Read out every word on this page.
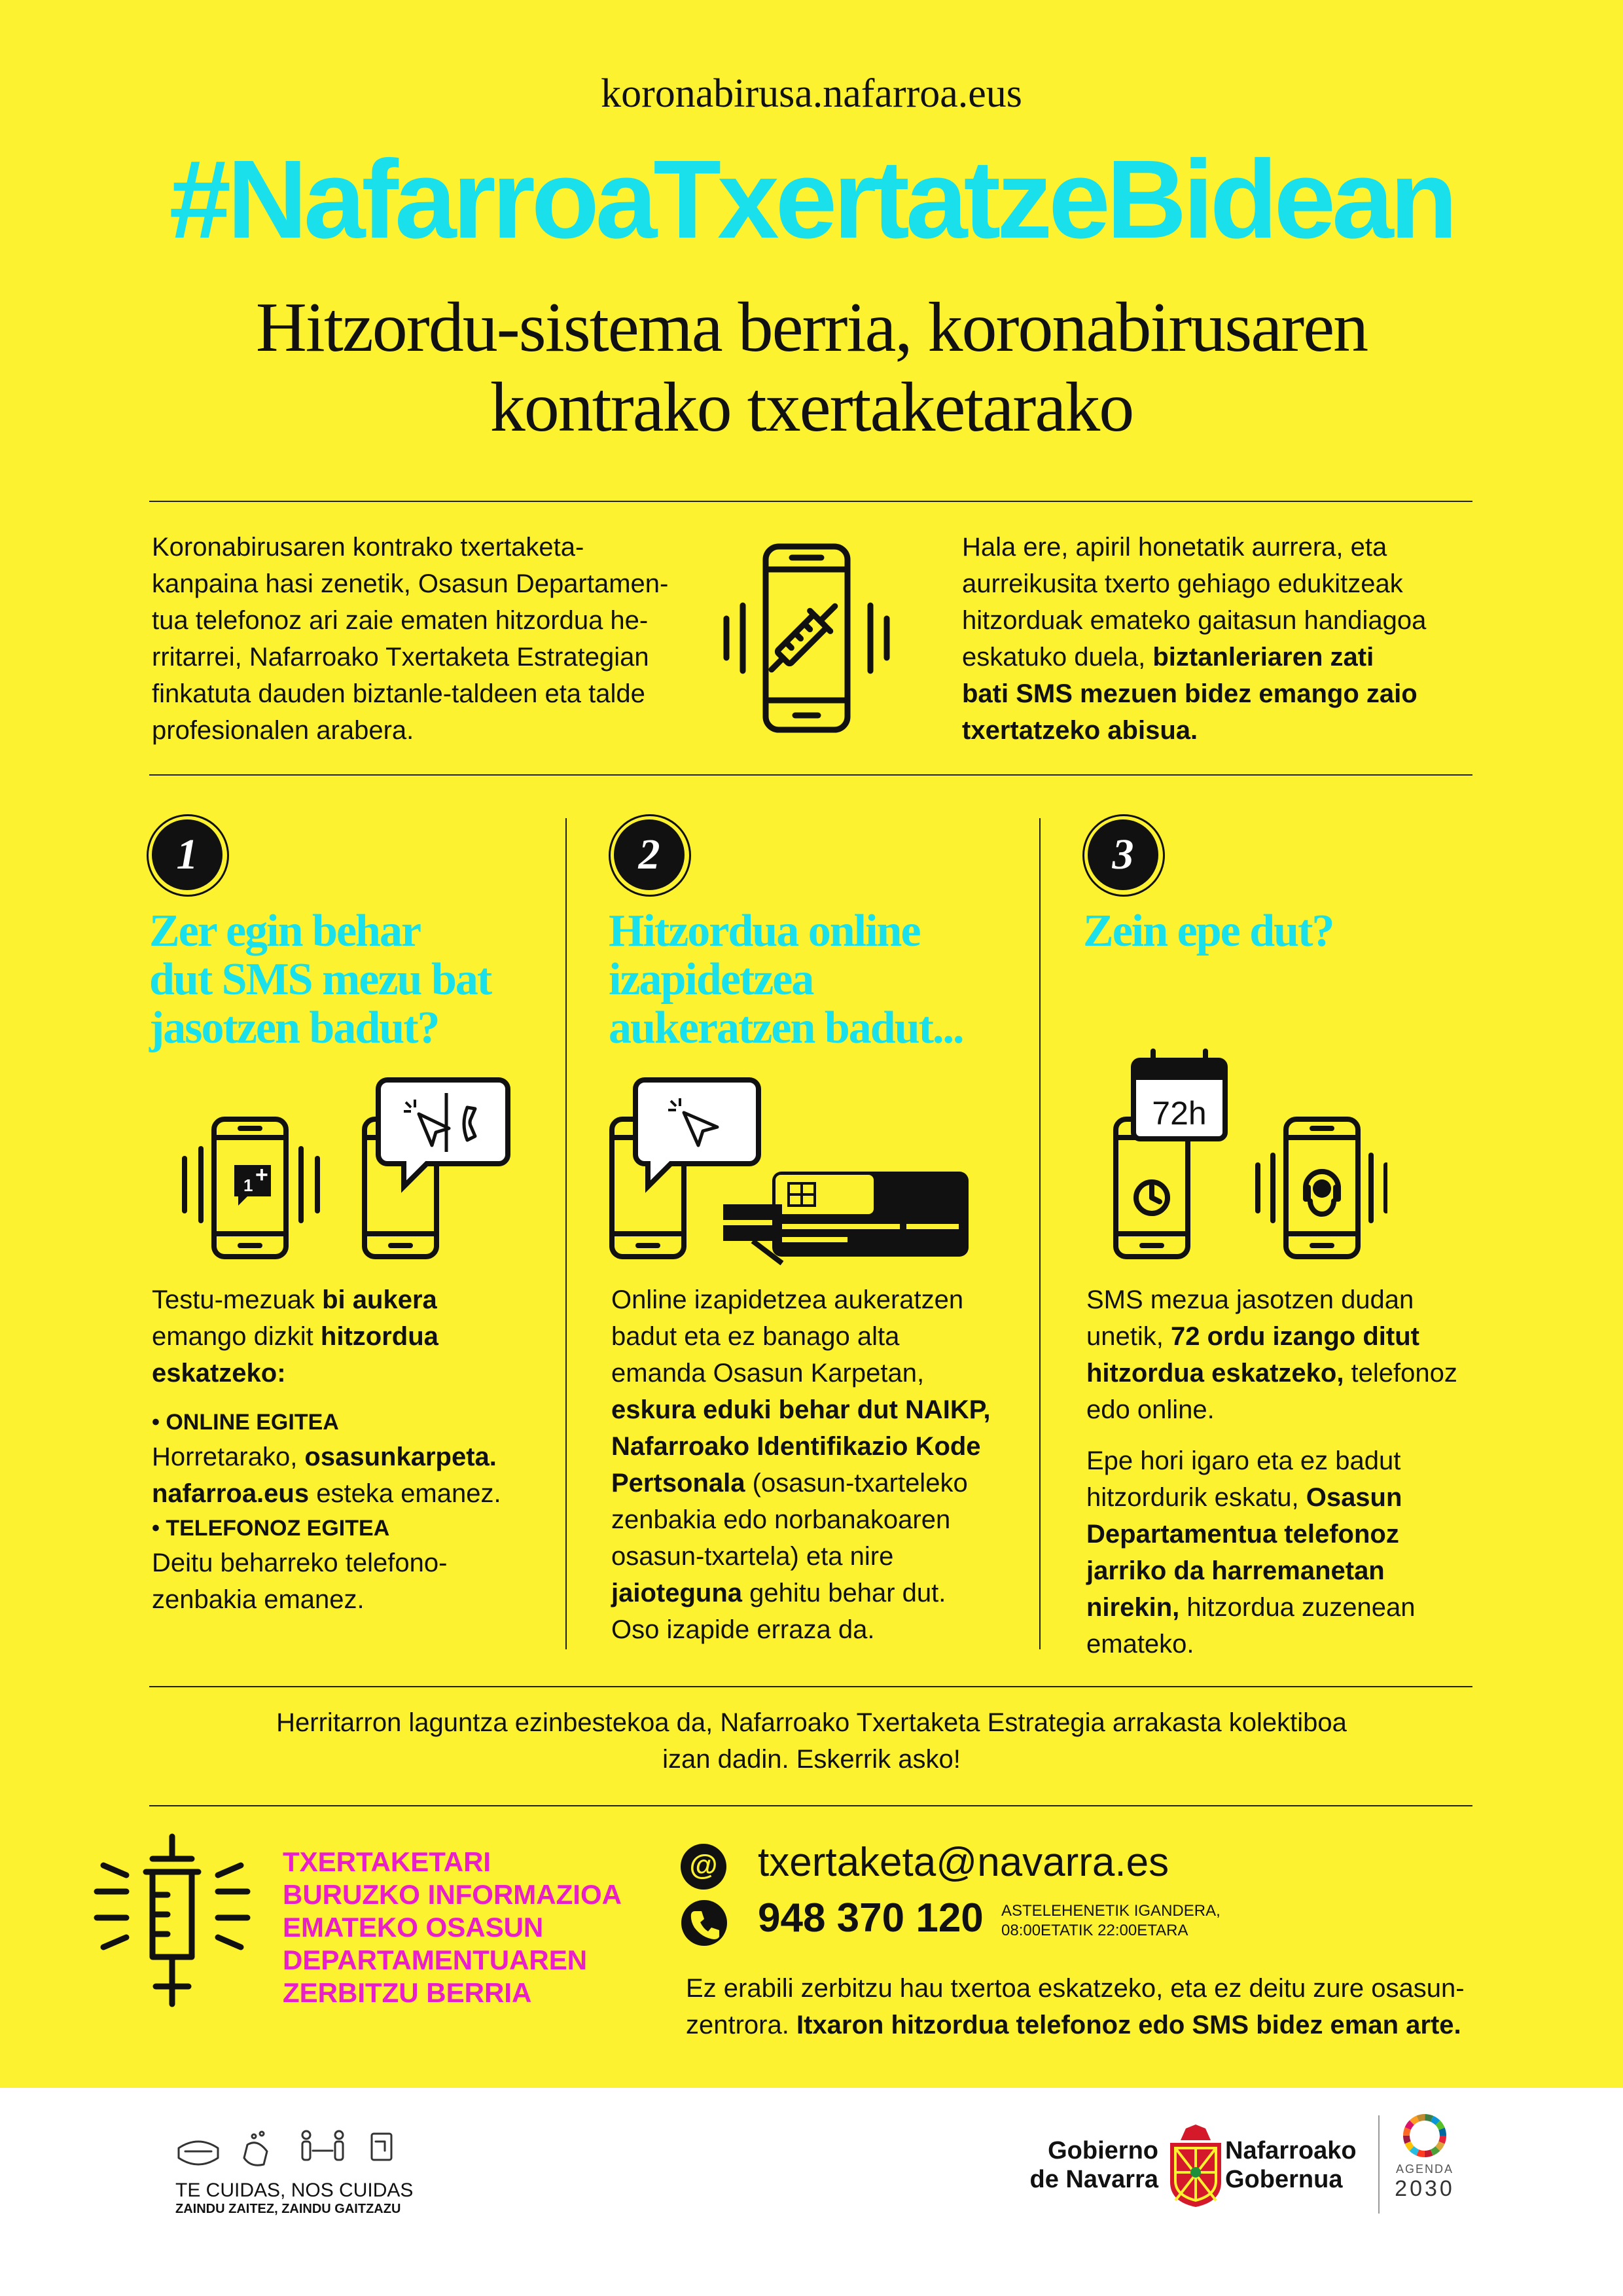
koronabirusa.nafarroa.eus
#NafarroaTxertatzeBidean
Hitzordu-sistema berria, koronabirusaren
kontrako txertaketarako
Koronabirusaren kontrako txertaketa-
kanpaina hasi zenetik, Osasun Departamen-
tua telefonoz ari zaie ematen hitzordua he-
rritarrei, Nafarroako Txertaketa Estrategian
finkatuta dauden biztanle-taldeen eta talde
profesionalen arabera.
Hala ere, apiril honetatik aurrera, eta
aurreikusita txerto gehiago edukitzeak
hitzorduak emateko gaitasun handiagoa
eskatuko duela, biztanleriaren zati
bati SMS mezuen bidez emango zaio
txertatzeko abisua.
1
Zer egin behar
dut SMS mezu bat
jasotzen badut?
1 +
Testu-mezuak bi aukera
emango dizkit hitzordua
eskatzeko:
• ONLINE EGITEA
Horretarako, osasunkarpeta.
nafarroa.eus esteka emanez.
• TELEFONOZ EGITEA
Deitu beharreko telefono-
zenbakia emanez.
2
Hitzordua online
izapidetzea
aukeratzen badut...
Online izapidetzea aukeratzen
badut eta ez banago alta
emanda Osasun Karpetan,
eskura eduki behar dut NAIKP,
Nafarroako Identifikazio Kode
Pertsonala (osasun-txarteleko
zenbakia edo norbanakoaren
osasun-txartela) eta nire
jaioteguna gehitu behar dut.
Oso izapide erraza da.
3
Zein epe dut?
72h
SMS mezua jasotzen dudan
unetik, 72 ordu izango ditut
hitzordua eskatzeko, telefonoz
edo online.
Epe hori igaro eta ez badut
hitzordurik eskatu, Osasun
Departamentua telefonoz
jarriko da harremanetan
nirekin, hitzordua zuzenean
emateko.
Herritarron laguntza ezinbestekoa da, Nafarroako Txertaketa Estrategia arrakasta kolektiboa
izan dadin. Eskerrik asko!
TXERTAKETARI
BURUZKO INFORMAZIOA
EMATEKO OSASUN
DEPARTAMENTUAREN
ZERBITZU BERRIA
@ txertaketa@navarra.es
948 370 120 ASTELEHENETIK IGANDERA,
08:00ETATIK 22:00ETARA
Ez erabili zerbitzu hau txertoa eskatzeko, eta ez deitu zure osasun-
zentrora. Itxaron hitzordua telefonoz edo SMS bidez eman arte.
TE CUIDAS, NOS CUIDAS
ZAINDU ZAITEZ, ZAINDU GAITZAZU
Gobierno
de Navarra
Nafarroako
Gobernua	AGENDA
2030
